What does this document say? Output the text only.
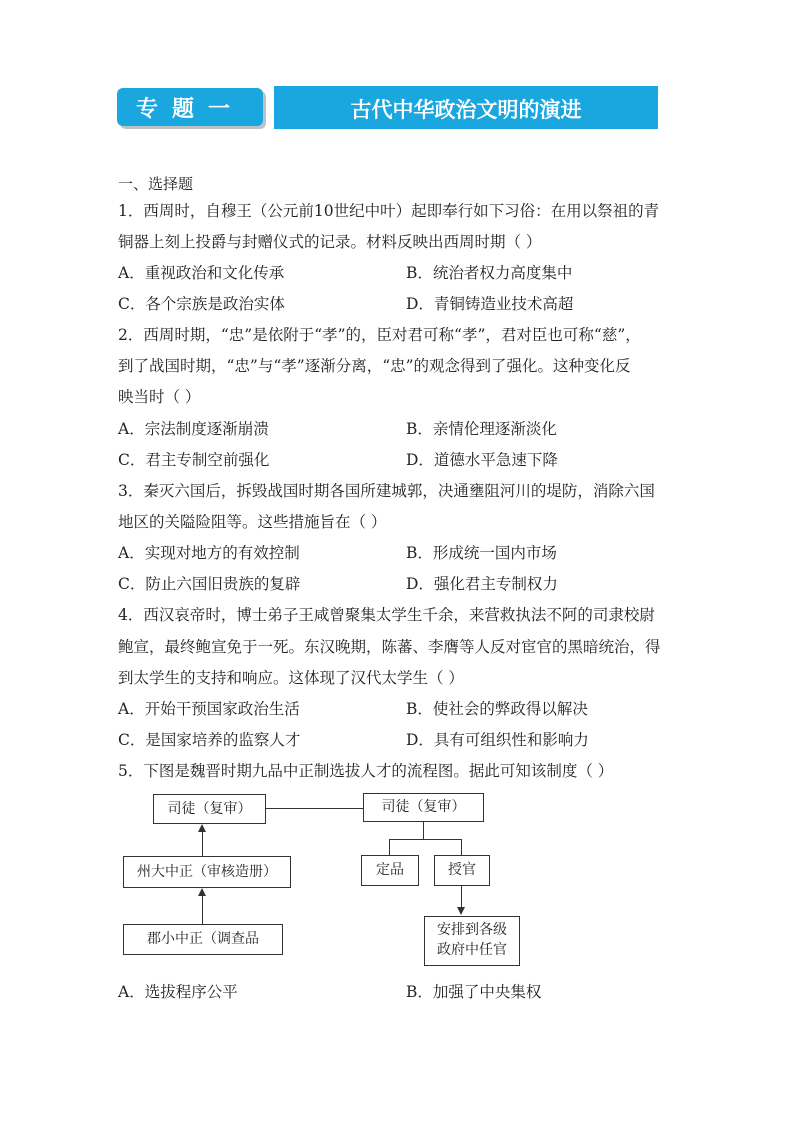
专题一	古代中华政治文明的演进
一、选择题
1．西周时，自穆王（公元前10世纪中叶）起即奉行如下习俗：在用以祭祖的青
铜器上刻上投爵与封赠仪式的记录。材料反映出西周时期（ ）
A．重视政治和文化传承	B．统治者权力高度集中
C．各个宗族是政治实体	D．青铜铸造业技术高超
2．西周时期，“忠”是依附于“孝”的，臣对君可称“孝”，君对臣也可称“慈”，
到了战国时期，“忠”与“孝”逐渐分离，“忠”的观念得到了强化。这种变化反
映当时（ ）
A．宗法制度逐渐崩溃	B．亲情伦理逐渐淡化
C．君主专制空前强化	D．道德水平急速下降
3．秦灭六国后，拆毁战国时期各国所建城郭，决通壅阻河川的堤防，消除六国
地区的关隘险阻等。这些措施旨在（ ）
A．实现对地方的有效控制	B．形成统一国内市场
C．防止六国旧贵族的复辟	D．强化君主专制权力
4．西汉哀帝时，博士弟子王咸曾聚集太学生千余，来营救执法不阿的司隶校尉
鲍宣，最终鲍宣免于一死。东汉晚期，陈蕃、李膺等人反对宦官的黑暗统治，得
到太学生的支持和响应。这体现了汉代太学生（ ）
A．开始干预国家政治生活	B．使社会的弊政得以解决
C．是国家培养的监察人才	D．具有可组织性和影响力
5．下图是魏晋时期九品中正制选拔人才的流程图。据此可知该制度（ ）
司徒（复审）
州大中正（审核造册）
郡小中正（调查品
司徒（复审）
定品	授官
安排到各级政府中任官
A．选拔程序公平	B．加强了中央集权
